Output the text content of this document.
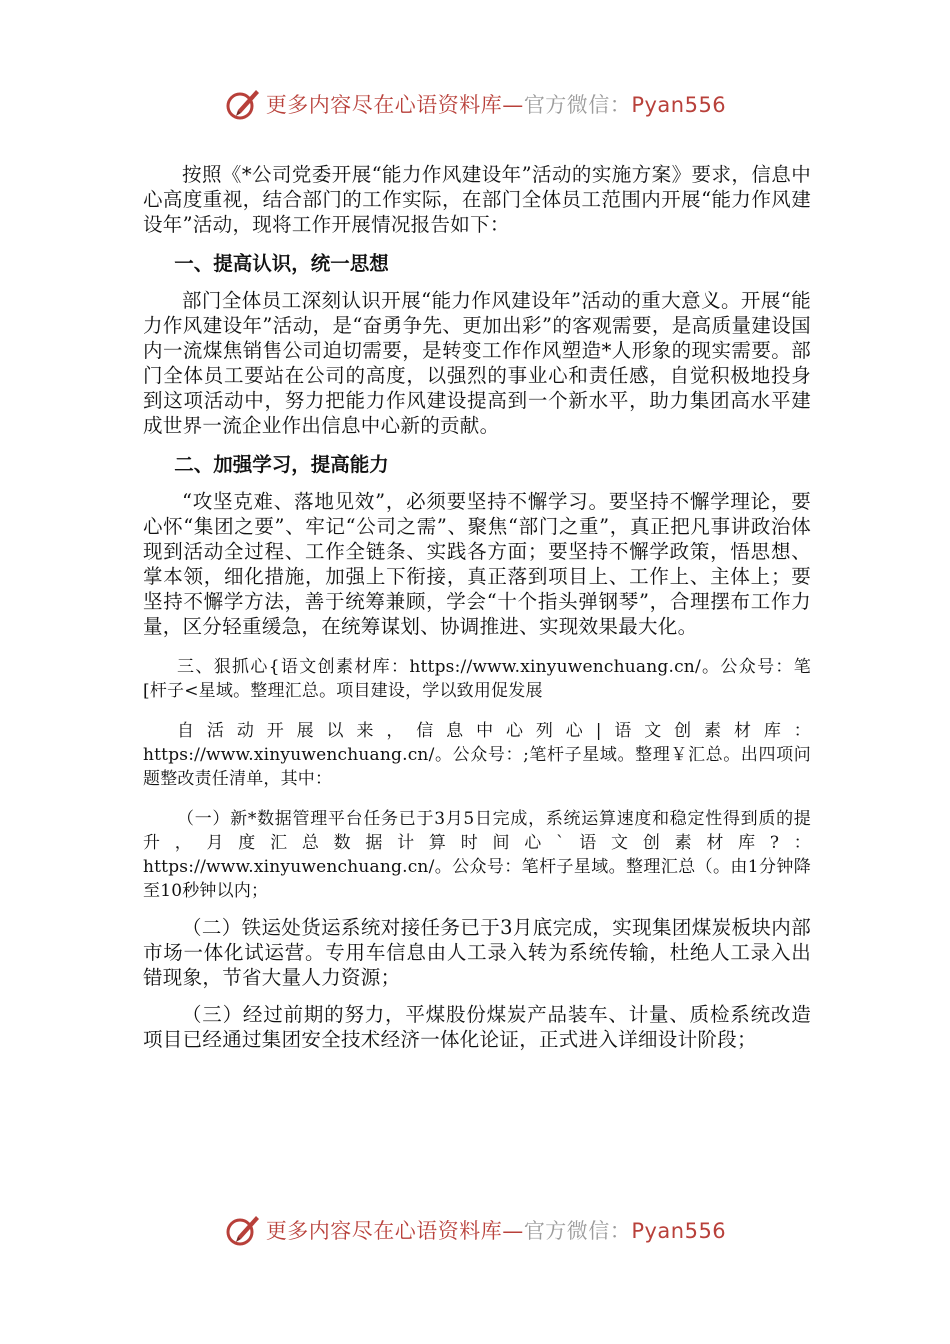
更多内容尽在心语资料库—官方微信：Pyan556

按照《*公司党委开展“能力作风建设年”活动的实施方案》要求，信息中心高度重视，结合部门的工作实际，在部门全体员工范围内开展“能力作风建设年”活动，现将工作开展情况报告如下：

一、提高认识，统一思想

部门全体员工深刻认识开展“能力作风建设年”活动的重大意义。开展“能力作风建设年”活动，是“奋勇争先、更加出彩”的客观需要，是高质量建设国内一流煤焦销售公司迫切需要，是转变工作作风塑造*人形象的现实需要。部门全体员工要站在公司的高度，以强烈的事业心和责任感，自觉积极地投身到这项活动中，努力把能力作风建设提高到一个新水平，助力集团高水平建成世界一流企业作出信息中心新的贡献。

二、加强学习，提高能力

“攻坚克难、落地见效”，必须要坚持不懈学习。要坚持不懈学理论，要心怀“集团之要”、牢记“公司之需”、聚焦“部门之重”，真正把凡事讲政治体现到活动全过程、工作全链条、实践各方面；要坚持不懈学政策，悟思想、掌本领，细化措施，加强上下衔接，真正落到项目上、工作上、主体上；要坚持不懈学方法，善于统筹兼顾，学会“十个指头弹钢琴”，合理摆布工作力量，区分轻重缓急，在统筹谋划、协调推进、实现效果最大化。

三、狠抓心{语文创素材库：https://www.xinyuwenchuang.cn/。公众号：笔[杆子<星域。整理汇总。项目建设，学以致用促发展

自活动开展以来，信息中心列心|语文创素材库：https://www.xinyuwenchuang.cn/。公众号：;笔杆子星域。整理￥汇总。出四项问题整改责任清单，其中：

（一）新*数据管理平台任务已于3月5日完成，系统运算速度和稳定性得到质的提升，月度汇总数据计算时间心`语文创素材库?：https://www.xinyuwenchuang.cn/。公众号：笔杆子星域。整理汇总（。由1分钟降至10秒钟以内；

（二）铁运处货运系统对接任务已于3月底完成，实现集团煤炭板块内部市场一体化试运营。专用车信息由人工录入转为系统传输，杜绝人工录入出错现象，节省大量人力资源；

（三）经过前期的努力，平煤股份煤炭产品装车、计量、质检系统改造项目已经通过集团安全技术经济一体化论证，正式进入详细设计阶段；

更多内容尽在心语资料库—官方微信：Pyan556
